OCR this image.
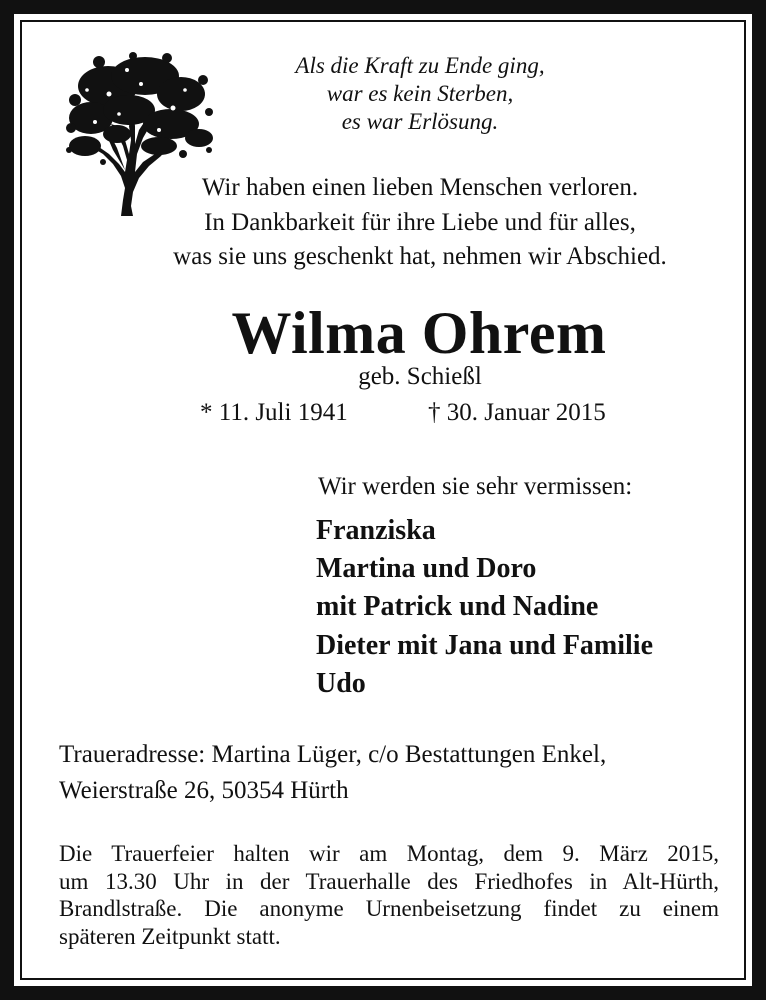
Als die Kraft zu Ende ging,
war es kein Sterben,
es war Erlösung.
Wir haben einen lieben Menschen verloren.
In Dankbarkeit für ihre Liebe und für alles,
was sie uns geschenkt hat, nehmen wir Abschied.
Wilma Ohrem
geb. Schießl
* 11. Juli 1941	† 30. Januar 2015
Wir werden sie sehr vermissen:
Franziska
Martina und Doro
mit Patrick und Nadine
Dieter mit Jana und Familie
Udo
Traueradresse: Martina Lüger, c/o Bestattungen Enkel,
Weierstraße 26, 50354 Hürth
Die Trauerfeier halten wir am Montag, dem 9. März 2015,
um 13.30 Uhr in der Trauerhalle des Friedhofes in Alt-Hürth,
Brandlstraße. Die anonyme Urnenbeisetzung findet zu einem
späteren Zeitpunkt statt.
